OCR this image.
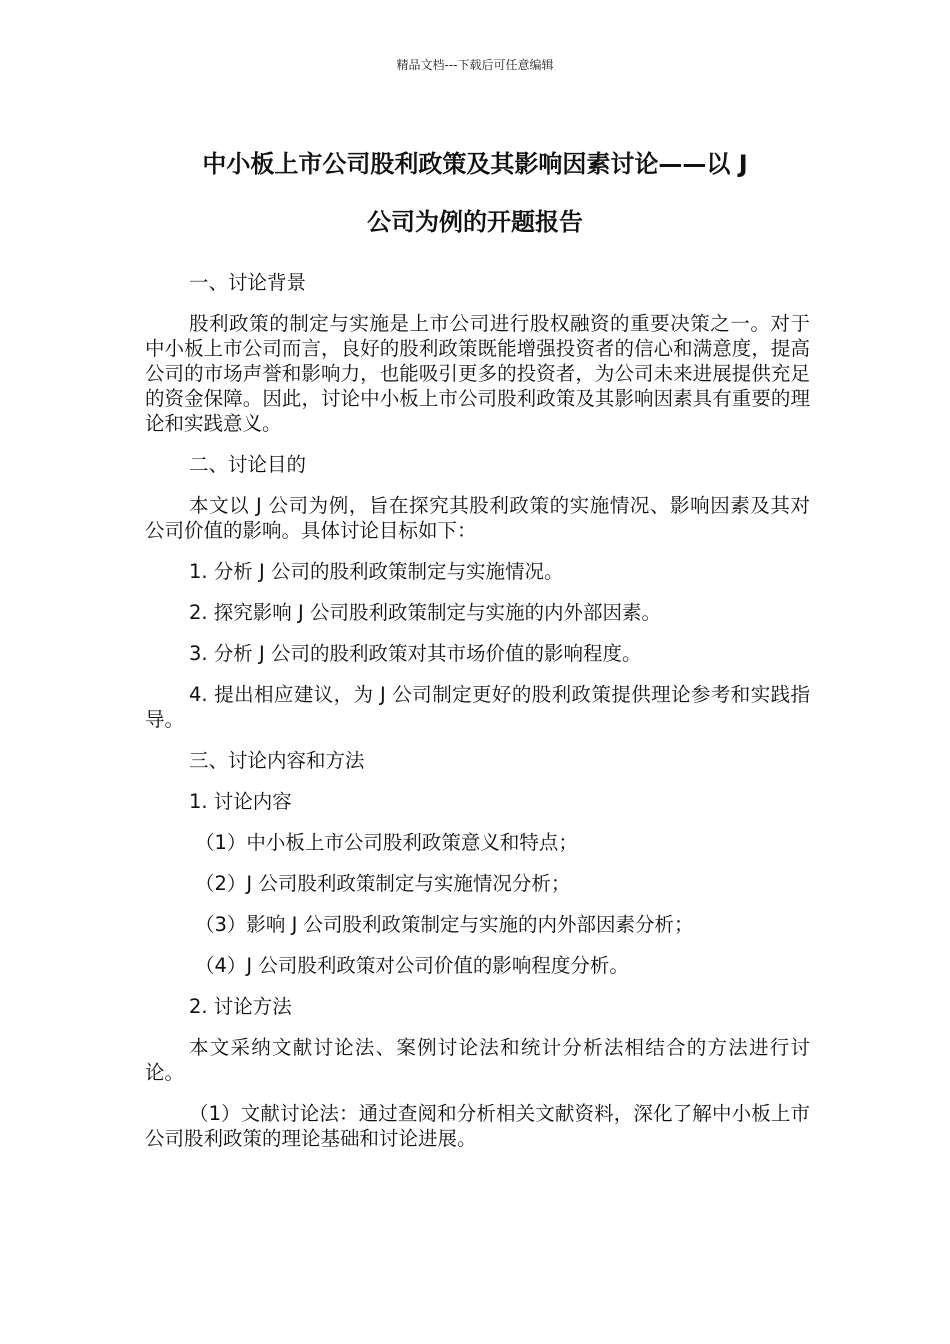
精品文档---下载后可任意编辑
中小板上市公司股利政策及其影响因素讨论——以 J
公司为例的开题报告

一、讨论背景

股利政策的制定与实施是上市公司进行股权融资的重要决策之一。对于中小板上市公司而言，良好的股利政策既能增强投资者的信心和满意度，提高公司的市场声誉和影响力，也能吸引更多的投资者，为公司未来进展提供充足的资金保障。因此，讨论中小板上市公司股利政策及其影响因素具有重要的理论和实践意义。

二、讨论目的

本文以 J 公司为例，旨在探究其股利政策的实施情况、影响因素及其对公司价值的影响。具体讨论目标如下：

1. 分析 J 公司的股利政策制定与实施情况。

2. 探究影响 J 公司股利政策制定与实施的内外部因素。

3. 分析 J 公司的股利政策对其市场价值的影响程度。

4. 提出相应建议，为 J 公司制定更好的股利政策提供理论参考和实践指导。

三、讨论内容和方法

1. 讨论内容

（1）中小板上市公司股利政策意义和特点；

（2）J 公司股利政策制定与实施情况分析；

（3）影响 J 公司股利政策制定与实施的内外部因素分析；

（4）J 公司股利政策对公司价值的影响程度分析。

2. 讨论方法

本文采纳文献讨论法、案例讨论法和统计分析法相结合的方法进行讨论。

（1）文献讨论法：通过查阅和分析相关文献资料，深化了解中小板上市公司股利政策的理论基础和讨论进展。
